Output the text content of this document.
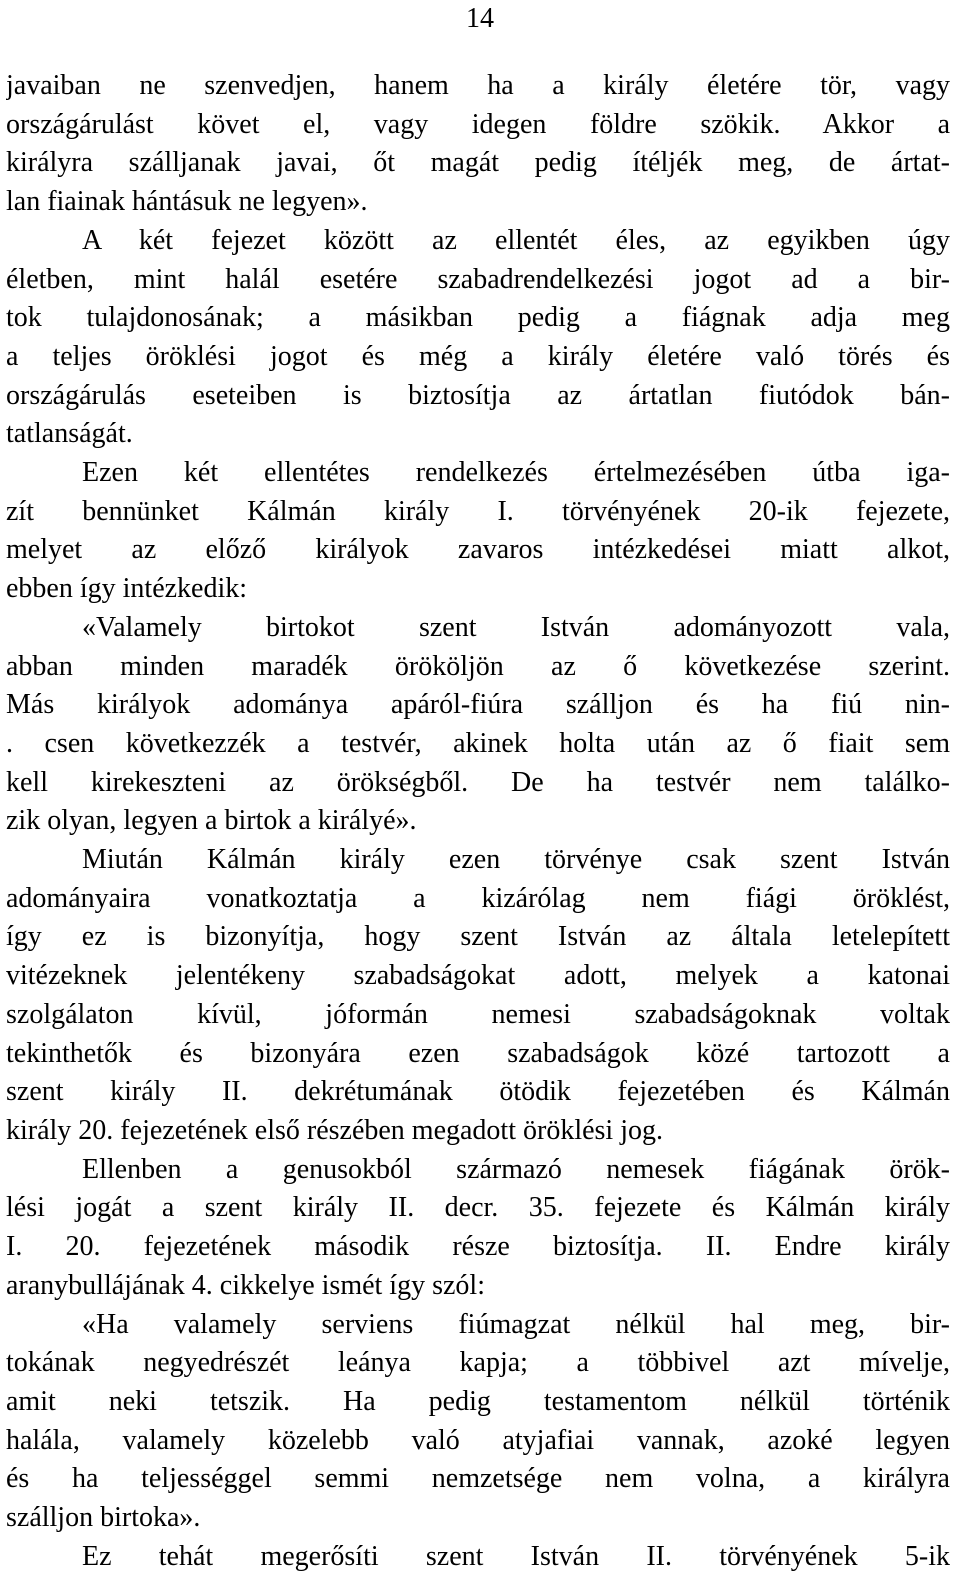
14
javaiban ne szenvedjen, hanem ha a király életére tör, vagy
országárulást követ el, vagy idegen földre szökik. Akkor a
királyra szálljanak javai, őt magát pedig ítéljék meg, de ártat-
lan fiainak hántásuk ne legyen».
A két fejezet között az ellentét éles, az egyikben úgy
életben, mint halál esetére szabadrendelkezési jogot ad a bir-
tok tulajdonosának; a másikban pedig a fiágnak adja meg
a teljes öröklési jogot és még a király életére való törés és
országárulás eseteiben is biztosítja az ártatlan fiutódok bán-
tatlanságát.
Ezen két ellentétes rendelkezés értelmezésében útba iga-
zít bennünket Kálmán király I. törvényének 20-ik fejezete,
melyet az előző királyok zavaros intézkedései miatt alkot,
ebben így intézkedik:
«Valamely birtokot szent István adományozott vala,
abban minden maradék örököljön az ő következése szerint.
Más királyok adománya apáról-fiúra szálljon és ha fiú nin-
. csen következzék a testvér, akinek holta után az ő fiait sem
kell kirekeszteni az örökségből. De ha testvér nem találko-
zik olyan, legyen a birtok a királyé».
Miután Kálmán király ezen törvénye csak szent István
adományaira vonatkoztatja a kizárólag nem fiági öröklést,
így ez is bizonyítja, hogy szent István az általa letelepített
vitézeknek jelentékeny szabadságokat adott, melyek a katonai
szolgálaton kívül, jóformán nemesi szabadságoknak voltak
tekinthetők és bizonyára ezen szabadságok közé tartozott a
szent király II. dekrétumának ötödik fejezetében és Kálmán
király 20. fejezetének első részében megadott öröklési jog.
Ellenben a genusokból származó nemesek fiágának örök-
lési jogát a szent király II. decr. 35. fejezete és Kálmán király
I. 20. fejezetének második része biztosítja. II. Endre király
aranybullájának 4. cikkelye ismét így szól:
«Ha valamely serviens fiúmagzat nélkül hal meg, bir-
tokának negyedrészét leánya kapja; a többivel azt mívelje,
amit neki tetszik. Ha pedig testamentom nélkül történik
halála, valamely közelebb való atyjafiai vannak, azoké legyen
és ha teljességgel semmi nemzetsége nem volna, a királyra
szálljon birtoka».
Ez tehát megerősíti szent István II. törvényének 5-ik
